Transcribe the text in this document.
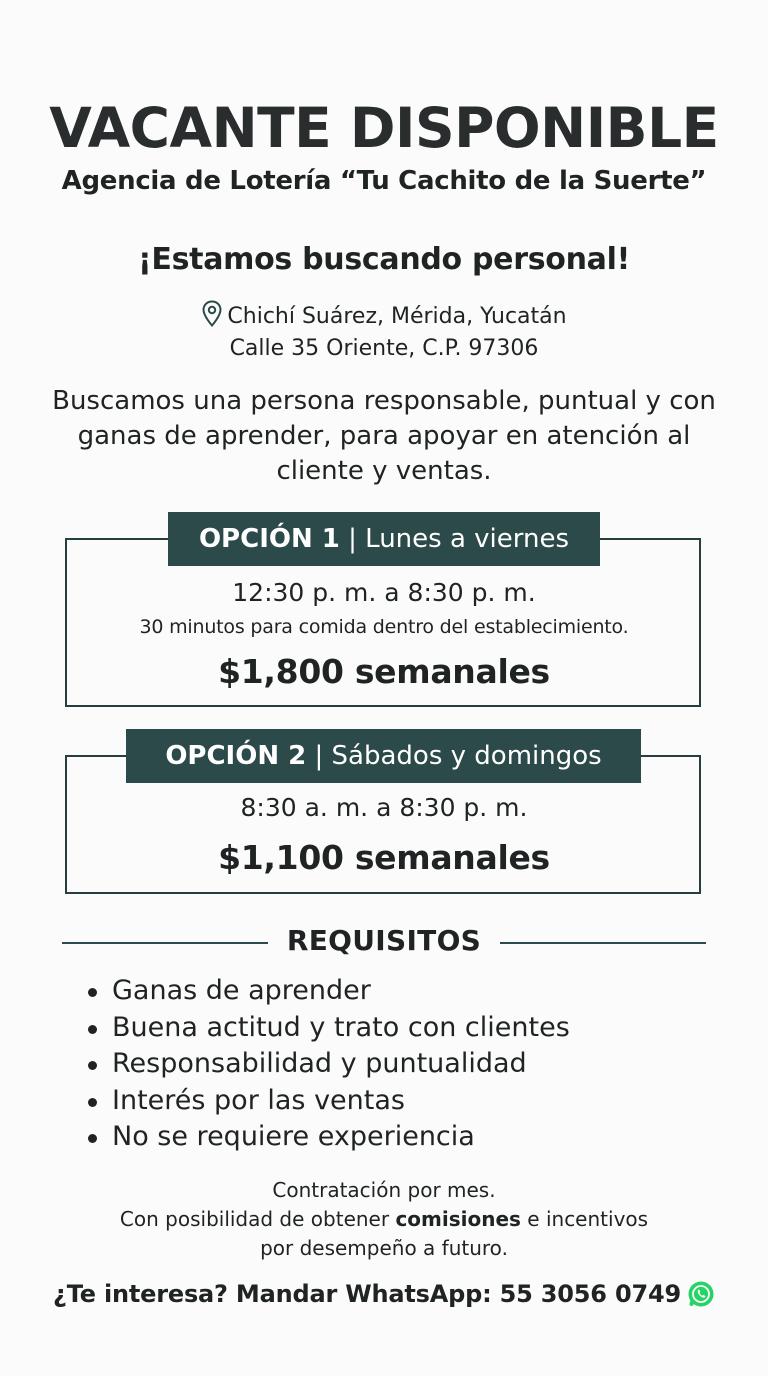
VACANTE DISPONIBLE
Agencia de Lotería “Tu Cachito de la Suerte”
¡Estamos buscando personal!
Chichí Suárez, Mérida, Yucatán
Calle 35 Oriente, C.P. 97306
Buscamos una persona responsable, puntual y con ganas de aprender, para apoyar en atención al cliente y ventas.
OPCIÓN 1 | Lunes a viernes
12:30 p. m. a 8:30 p. m.
30 minutos para comida dentro del establecimiento.
$1,800 semanales
OPCIÓN 2 | Sábados y domingos
8:30 a. m. a 8:30 p. m.
$1,100 semanales
REQUISITOS
Ganas de aprender
Buena actitud y trato con clientes
Responsabilidad y puntualidad
Interés por las ventas
No se requiere experiencia
Contratación por mes.
Con posibilidad de obtener comisiones e incentivos
por desempeño a futuro.
¿Te interesa? Mandar WhatsApp: 55 3056 0749
